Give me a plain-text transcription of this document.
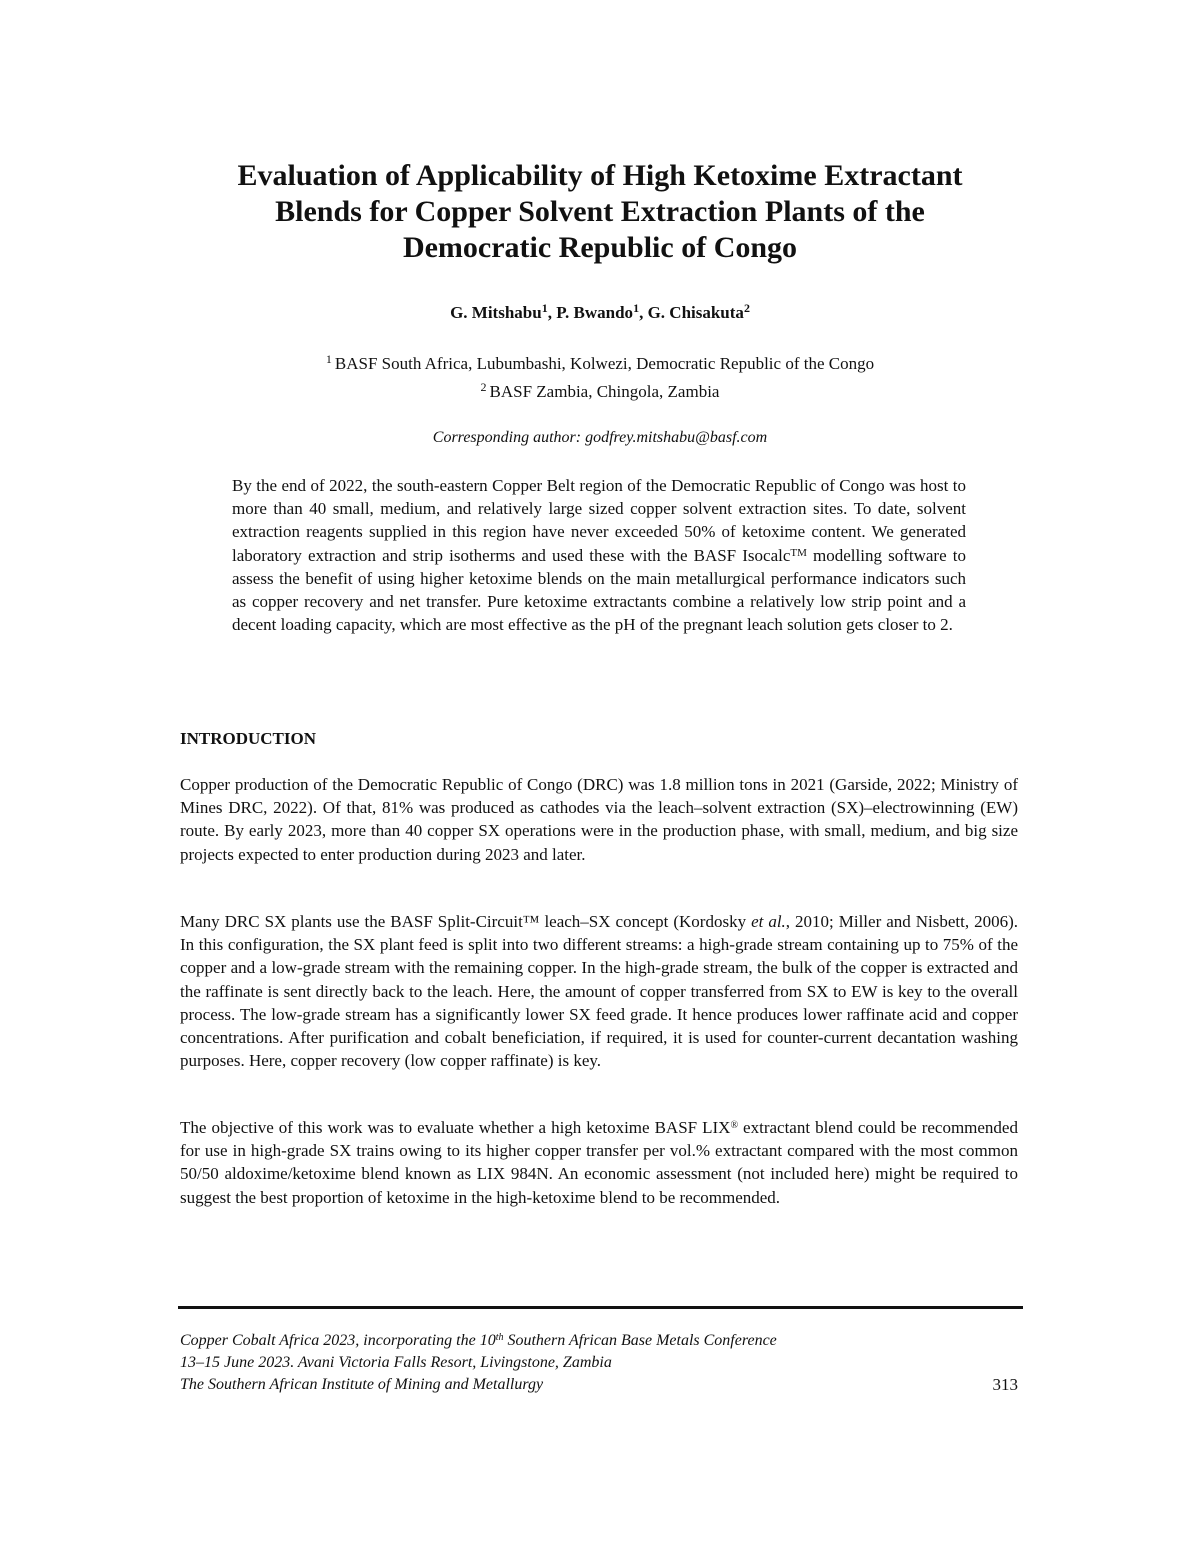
Evaluation of Applicability of High Ketoxime Extractant
Blends for Copper Solvent Extraction Plants of the
Democratic Republic of Congo
G. Mitshabu$^1$, P. Bwando$^1$, G. Chisakuta$^2$
$^1$ BASF South Africa, Lubumbashi, Kolwezi, Democratic Republic of the Congo
$^2$ BASF Zambia, Chingola, Zambia
Corresponding author: godfrey.mitshabu@basf.com

By the end of 2022, the south-eastern Copper Belt region of the Democratic Republic of Congo was host to more than 40 small, medium, and relatively large sized copper solvent extraction sites. To date, solvent extraction reagents supplied in this region have never exceeded 50% of ketoxime content. We generated laboratory extraction and strip isotherms and used these with the BASF Isocalc™ modelling software to assess the benefit of using higher ketoxime blends on the main metallurgical performance indicators such as copper recovery and net transfer. Pure ketoxime extractants combine a relatively low strip point and a decent loading capacity, which are most effective as the pH of the pregnant leach solution gets closer to 2.

INTRODUCTION

Copper production of the Democratic Republic of Congo (DRC) was 1.8 million tons in 2021 (Garside, 2022; Ministry of Mines DRC, 2022). Of that, 81% was produced as cathodes via the leach–solvent extraction (SX)–electrowinning (EW) route. By early 2023, more than 40 copper SX operations were in the production phase, with small, medium, and big size projects expected to enter production during 2023 and later.

Many DRC SX plants use the BASF Split-Circuit™ leach–SX concept (Kordosky et al., 2010; Miller and Nisbett, 2006). In this configuration, the SX plant feed is split into two different streams: a high-grade stream containing up to 75% of the copper and a low-grade stream with the remaining copper. In the high-grade stream, the bulk of the copper is extracted and the raffinate is sent directly back to the leach. Here, the amount of copper transferred from SX to EW is key to the overall process. The low-grade stream has a significantly lower SX feed grade. It hence produces lower raffinate acid and copper concentrations. After purification and cobalt beneficiation, if required, it is used for counter-current decantation washing purposes. Here, copper recovery (low copper raffinate) is key.

The objective of this work was to evaluate whether a high ketoxime BASF LIX® extractant blend could be recommended for use in high-grade SX trains owing to its higher copper transfer per vol.% extractant compared with the most common 50/50 aldoxime/ketoxime blend known as LIX 984N. An economic assessment (not included here) might be required to suggest the best proportion of ketoxime in the high-ketoxime blend to be recommended.

Copper Cobalt Africa 2023, incorporating the 10th Southern African Base Metals Conference
13–15 June 2023. Avani Victoria Falls Resort, Livingstone, Zambia
The Southern African Institute of Mining and Metallurgy	313
